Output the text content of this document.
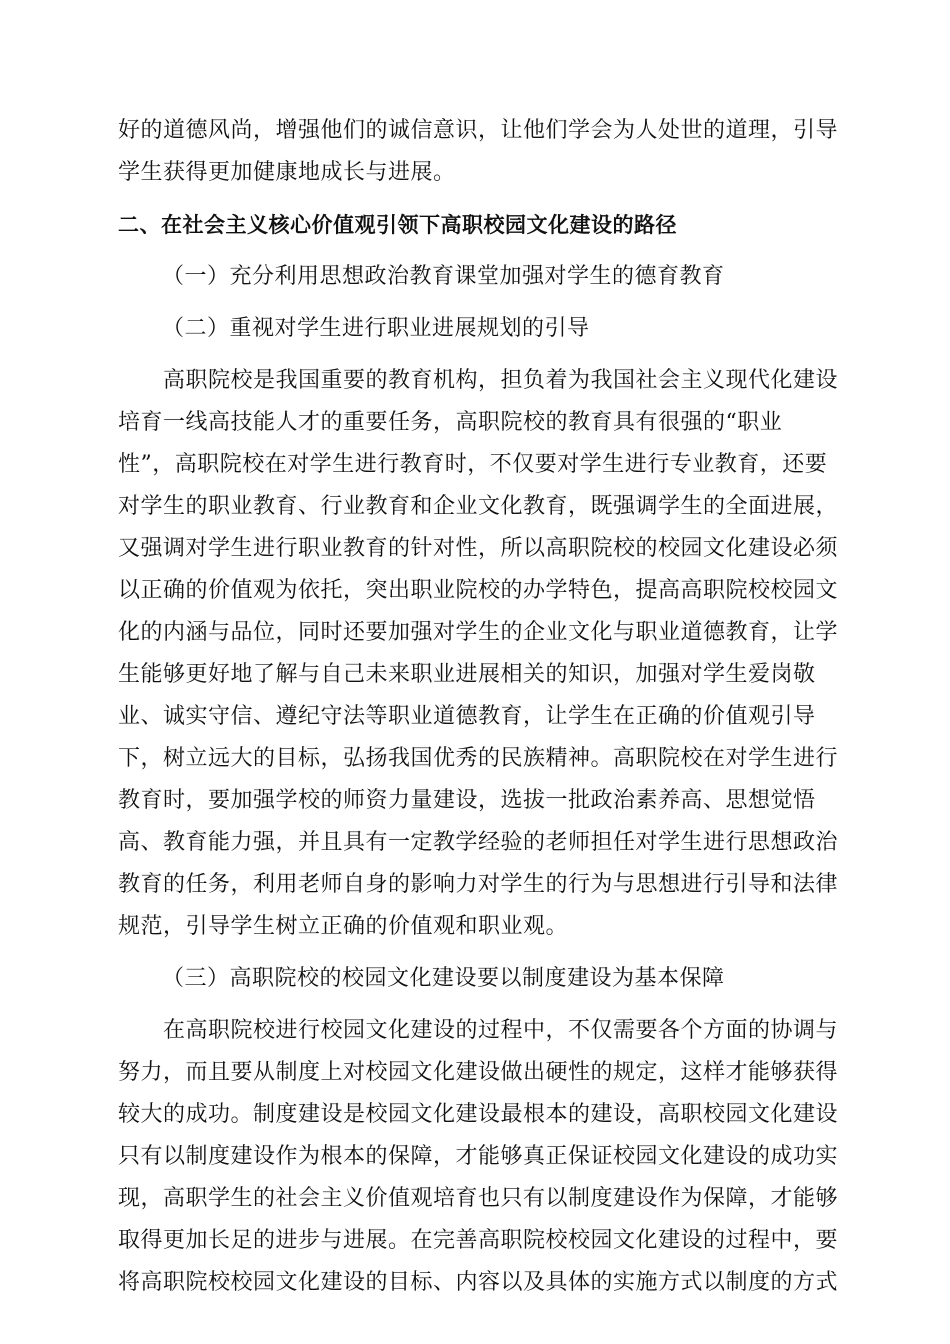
好的道德风尚，增强他们的诚信意识，让他们学会为人处世的道理，引导
学生获得更加健康地成长与进展。
二、在社会主义核心价值观引领下高职校园文化建设的路径
（一）充分利用思想政治教育课堂加强对学生的德育教育
（二）重视对学生进行职业进展规划的引导
　　高职院校是我国重要的教育机构，担负着为我国社会主义现代化建设
培育一线高技能人才的重要任务，高职院校的教育具有很强的“职业
性”，高职院校在对学生进行教育时，不仅要对学生进行专业教育，还要
对学生的职业教育、行业教育和企业文化教育，既强调学生的全面进展，
又强调对学生进行职业教育的针对性，所以高职院校的校园文化建设必须
以正确的价值观为依托，突出职业院校的办学特色，提高高职院校校园文
化的内涵与品位，同时还要加强对学生的企业文化与职业道德教育，让学
生能够更好地了解与自己未来职业进展相关的知识，加强对学生爱岗敬
业、诚实守信、遵纪守法等职业道德教育，让学生在正确的价值观引导
下，树立远大的目标，弘扬我国优秀的民族精神。高职院校在对学生进行
教育时，要加强学校的师资力量建设，选拔一批政治素养高、思想觉悟
高、教育能力强，并且具有一定教学经验的老师担任对学生进行思想政治
教育的任务，利用老师自身的影响力对学生的行为与思想进行引导和法律
规范，引导学生树立正确的价值观和职业观。
（三）高职院校的校园文化建设要以制度建设为基本保障
　　在高职院校进行校园文化建设的过程中，不仅需要各个方面的协调与
努力，而且要从制度上对校园文化建设做出硬性的规定，这样才能够获得
较大的成功。制度建设是校园文化建设最根本的建设，高职校园文化建设
只有以制度建设作为根本的保障，才能够真正保证校园文化建设的成功实
现，高职学生的社会主义价值观培育也只有以制度建设作为保障，才能够
取得更加长足的进步与进展。在完善高职院校校园文化建设的过程中，要
将高职院校校园文化建设的目标、内容以及具体的实施方式以制度的方式
